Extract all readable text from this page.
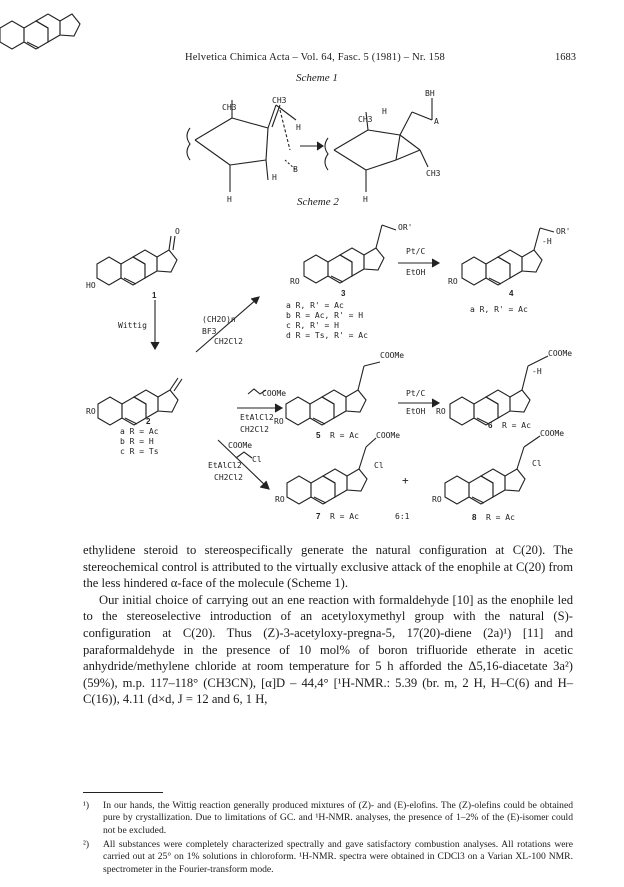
Helvetica Chimica Acta – Vol. 64, Fasc. 5 (1981) – Nr. 158	1683
Scheme 1
Scheme 2
CH3
CH3
H
H
H
B
CH3
H
BH
A
CH3
H
O
HO
1
Wittig
(CH2O)n
BF3
CH2Cl2
OR'
RO
3
a R, R' = Ac
b R = Ac, R' = H
c R, R' = H
d R = Ts, R' = Ac
Pt/C
EtOH
OR'
-H
RO
4
a R, R' = Ac
RO
2
a R = Ac
b R = H
c R = Ts
COOMe
EtAlCl2
CH2Cl2
COOMe
RO
5 R = Ac
Pt/C
EtOH
COOMe
-H
RO
6 R = Ac
COOMe
Cl
EtAlCl2
CH2Cl2
COOMe
Cl
RO
7 R = Ac
+
6:1
COOMe
Cl
RO
8 R = Ac

ethylidene steroid to stereospecifically generate the natural configuration at C(20). The stereochemical control is attributed to the virtually exclusive attack of the enophile at C(20) from the less hindered α-face of the molecule (Scheme 1).

Our initial choice of carrying out an ene reaction with formaldehyde [10] as the enophile led to the stereoselective introduction of an acetyloxymethyl group with the natural (S)-configuration at C(20). Thus (Z)-3-acetyloxy-pregna-5, 17(20)-diene (2a)¹) [11] and paraformaldehyde in the presence of 10 mol% of boron trifluoride etherate in acetic anhydride/methylene chloride at room temperature for 5 h afforded the Δ5,16-diacetate 3a²) (59%), m.p. 117–118° (CH3CN), [α]D – 44,4° [¹H-NMR.: 5.39 (br. m, 2 H, H–C(6) and H–C(16)), 4.11 (d×d, J = 12 and 6, 1 H,

¹) In our hands, the Wittig reaction generally produced mixtures of (Z)- and (E)-elofins. The (Z)-olefins could be obtained pure by crystallization. Due to limitations of GC. and ¹H-NMR. analyses, the presence of 1–2% of the (E)-isomer could not be excluded.
²) All substances were completely characterized spectrally and gave satisfactory combustion analyses. All rotations were carried out at 25° on 1% solutions in chloroform. ¹H-NMR. spectra were obtained in CDCl3 on a Varian XL-100 NMR. spectrometer in the Fourier-transform mode.
